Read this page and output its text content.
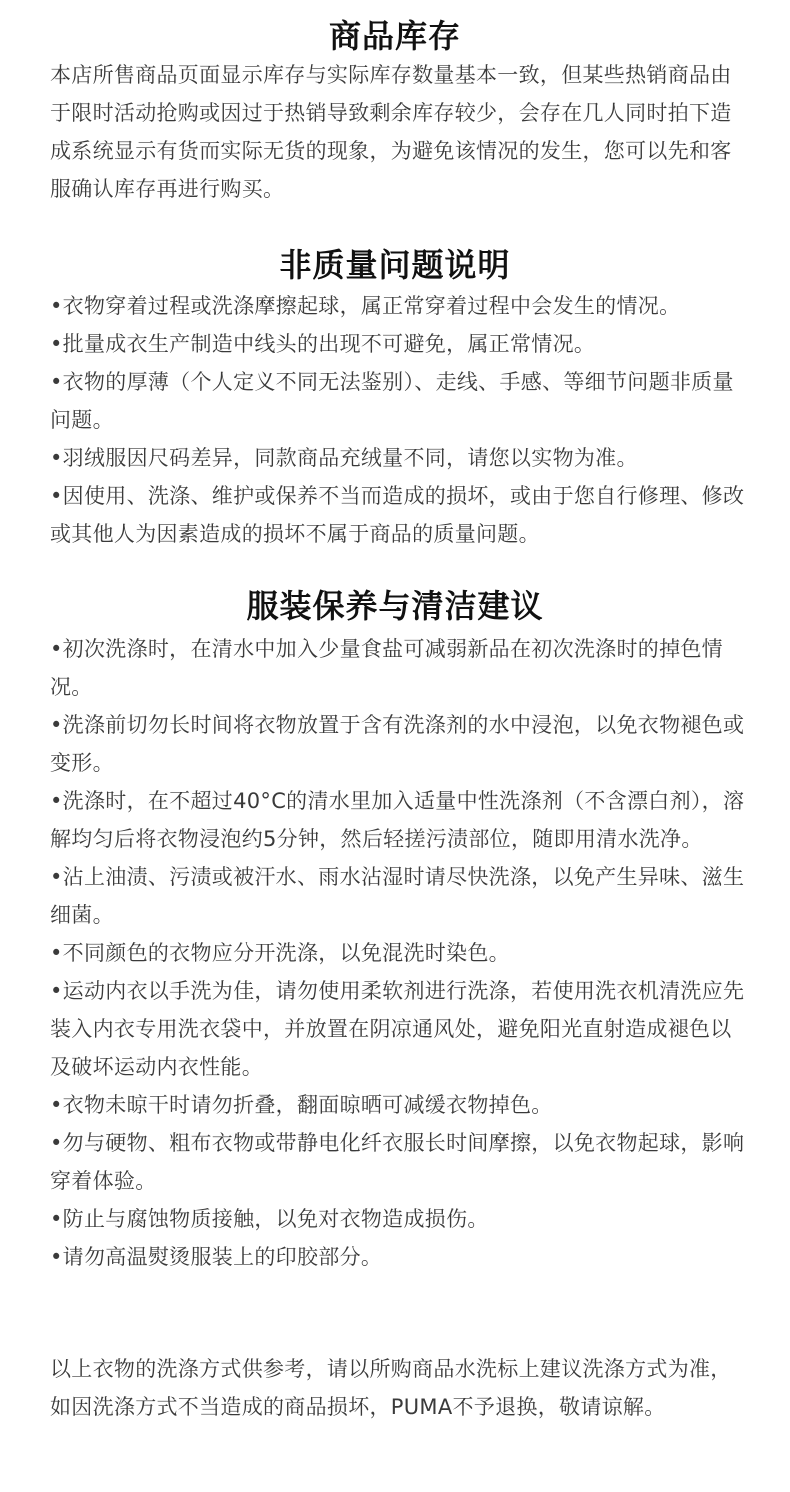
商品库存
本店所售商品页面显示库存与实际库存数量基本一致，但某些热销商品由于限时活动抢购或因过于热销导致剩余库存较少，会存在几人同时拍下造成系统显示有货而实际无货的现象，为避免该情况的发生，您可以先和客服确认库存再进行购买。
非质量问题说明
•衣物穿着过程或洗涤摩擦起球，属正常穿着过程中会发生的情况。
•批量成衣生产制造中线头的出现不可避免，属正常情况。
•衣物的厚薄（个人定义不同无法鉴别）、走线、手感、等细节问题非质量问题。
•羽绒服因尺码差异，同款商品充绒量不同，请您以实物为准。
•因使用、洗涤、维护或保养不当而造成的损坏，或由于您自行修理、修改或其他人为因素造成的损坏不属于商品的质量问题。
服装保养与清洁建议
•初次洗涤时，在清水中加入少量食盐可减弱新品在初次洗涤时的掉色情况。
•洗涤前切勿长时间将衣物放置于含有洗涤剂的水中浸泡，以免衣物褪色或变形。
•洗涤时，在不超过40°C的清水里加入适量中性洗涤剂（不含漂白剂），溶解均匀后将衣物浸泡约5分钟，然后轻搓污渍部位，随即用清水洗净。
•沾上油渍、污渍或被汗水、雨水沾湿时请尽快洗涤，以免产生异味、滋生细菌。
•不同颜色的衣物应分开洗涤，以免混洗时染色。
•运动内衣以手洗为佳，请勿使用柔软剂进行洗涤，若使用洗衣机清洗应先装入内衣专用洗衣袋中，并放置在阴凉通风处，避免阳光直射造成褪色以及破坏运动内衣性能。
•衣物未晾干时请勿折叠，翻面晾晒可减缓衣物掉色。
•勿与硬物、粗布衣物或带静电化纤衣服长时间摩擦，以免衣物起球，影响穿着体验。
•防止与腐蚀物质接触，以免对衣物造成损伤。
•请勿高温熨烫服装上的印胶部分。
以上衣物的洗涤方式供参考，请以所购商品水洗标上建议洗涤方式为准，如因洗涤方式不当造成的商品损坏，PUMA不予退换，敬请谅解。
